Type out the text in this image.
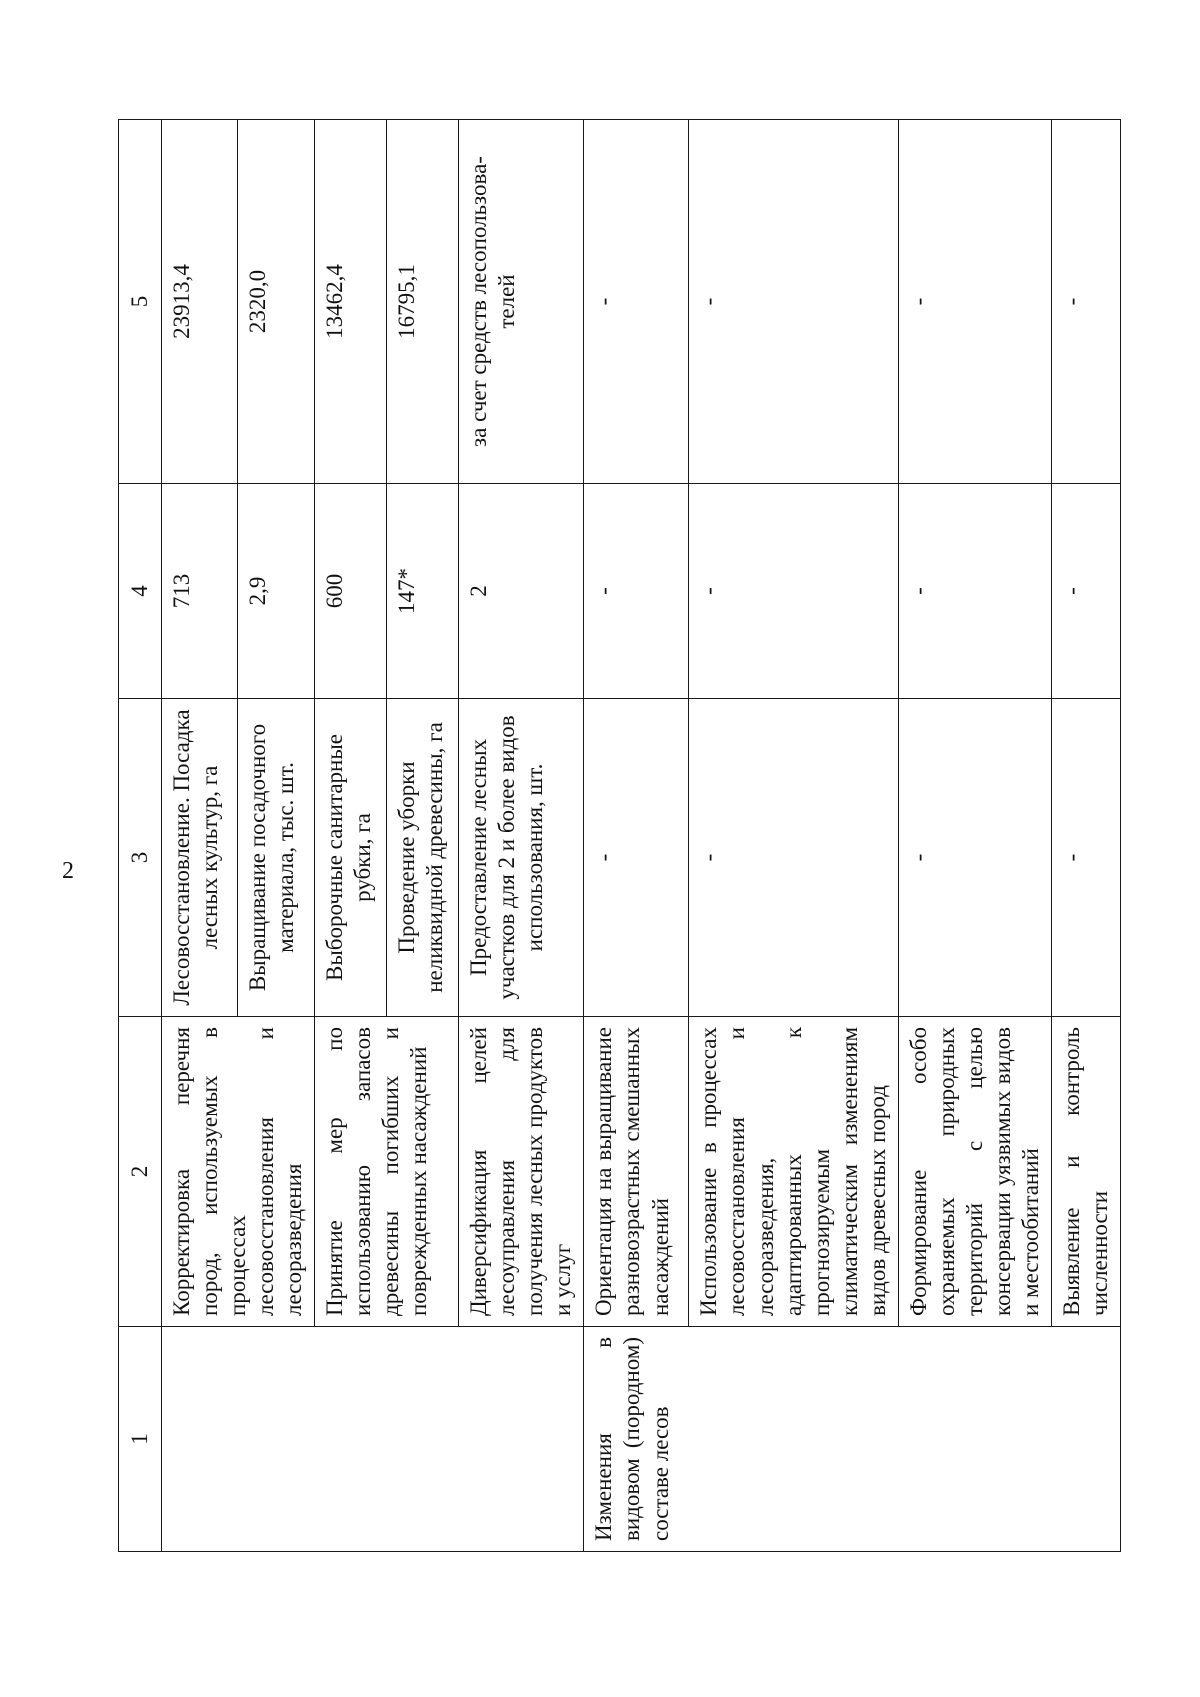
2
1	2	3	4	5
	Корректировка перечня пород, используемых в процессах лесовосстановления и лесоразведения	Лесовосстановление. Посадка лесных культур, га	713	23913,4
		Выращивание посадочного материала, тыс. шт.	2,9	2320,0
	Принятие мер по использованию запасов древесины погибших и поврежденных насаждений	Выборочные санитарные рубки, га	600	13462,4
		Проведение уборки неликвидной древесины, га	147*	16795,1
	Диверсификация целей лесоуправления для получения лесных продуктов и услуг	Предоставление лесных участков для 2 и более видов использования, шт.	2	за счет средств лесопользова-телей
Изменения в видовом (породном) составе лесов	Ориентация на выращивание разновозрастных смешанных насаждений	-	-	-
	Использование в процессах лесовосстановления и лесоразведения, адаптированных к прогнозируемым климатическим изменениям видов древесных пород	-	-	-
	Формирование особо охраняемых природных территорий с целью консервации уязвимых видов и местообитаний	-	-	-
	Выявление и контроль численности	-	-	-
